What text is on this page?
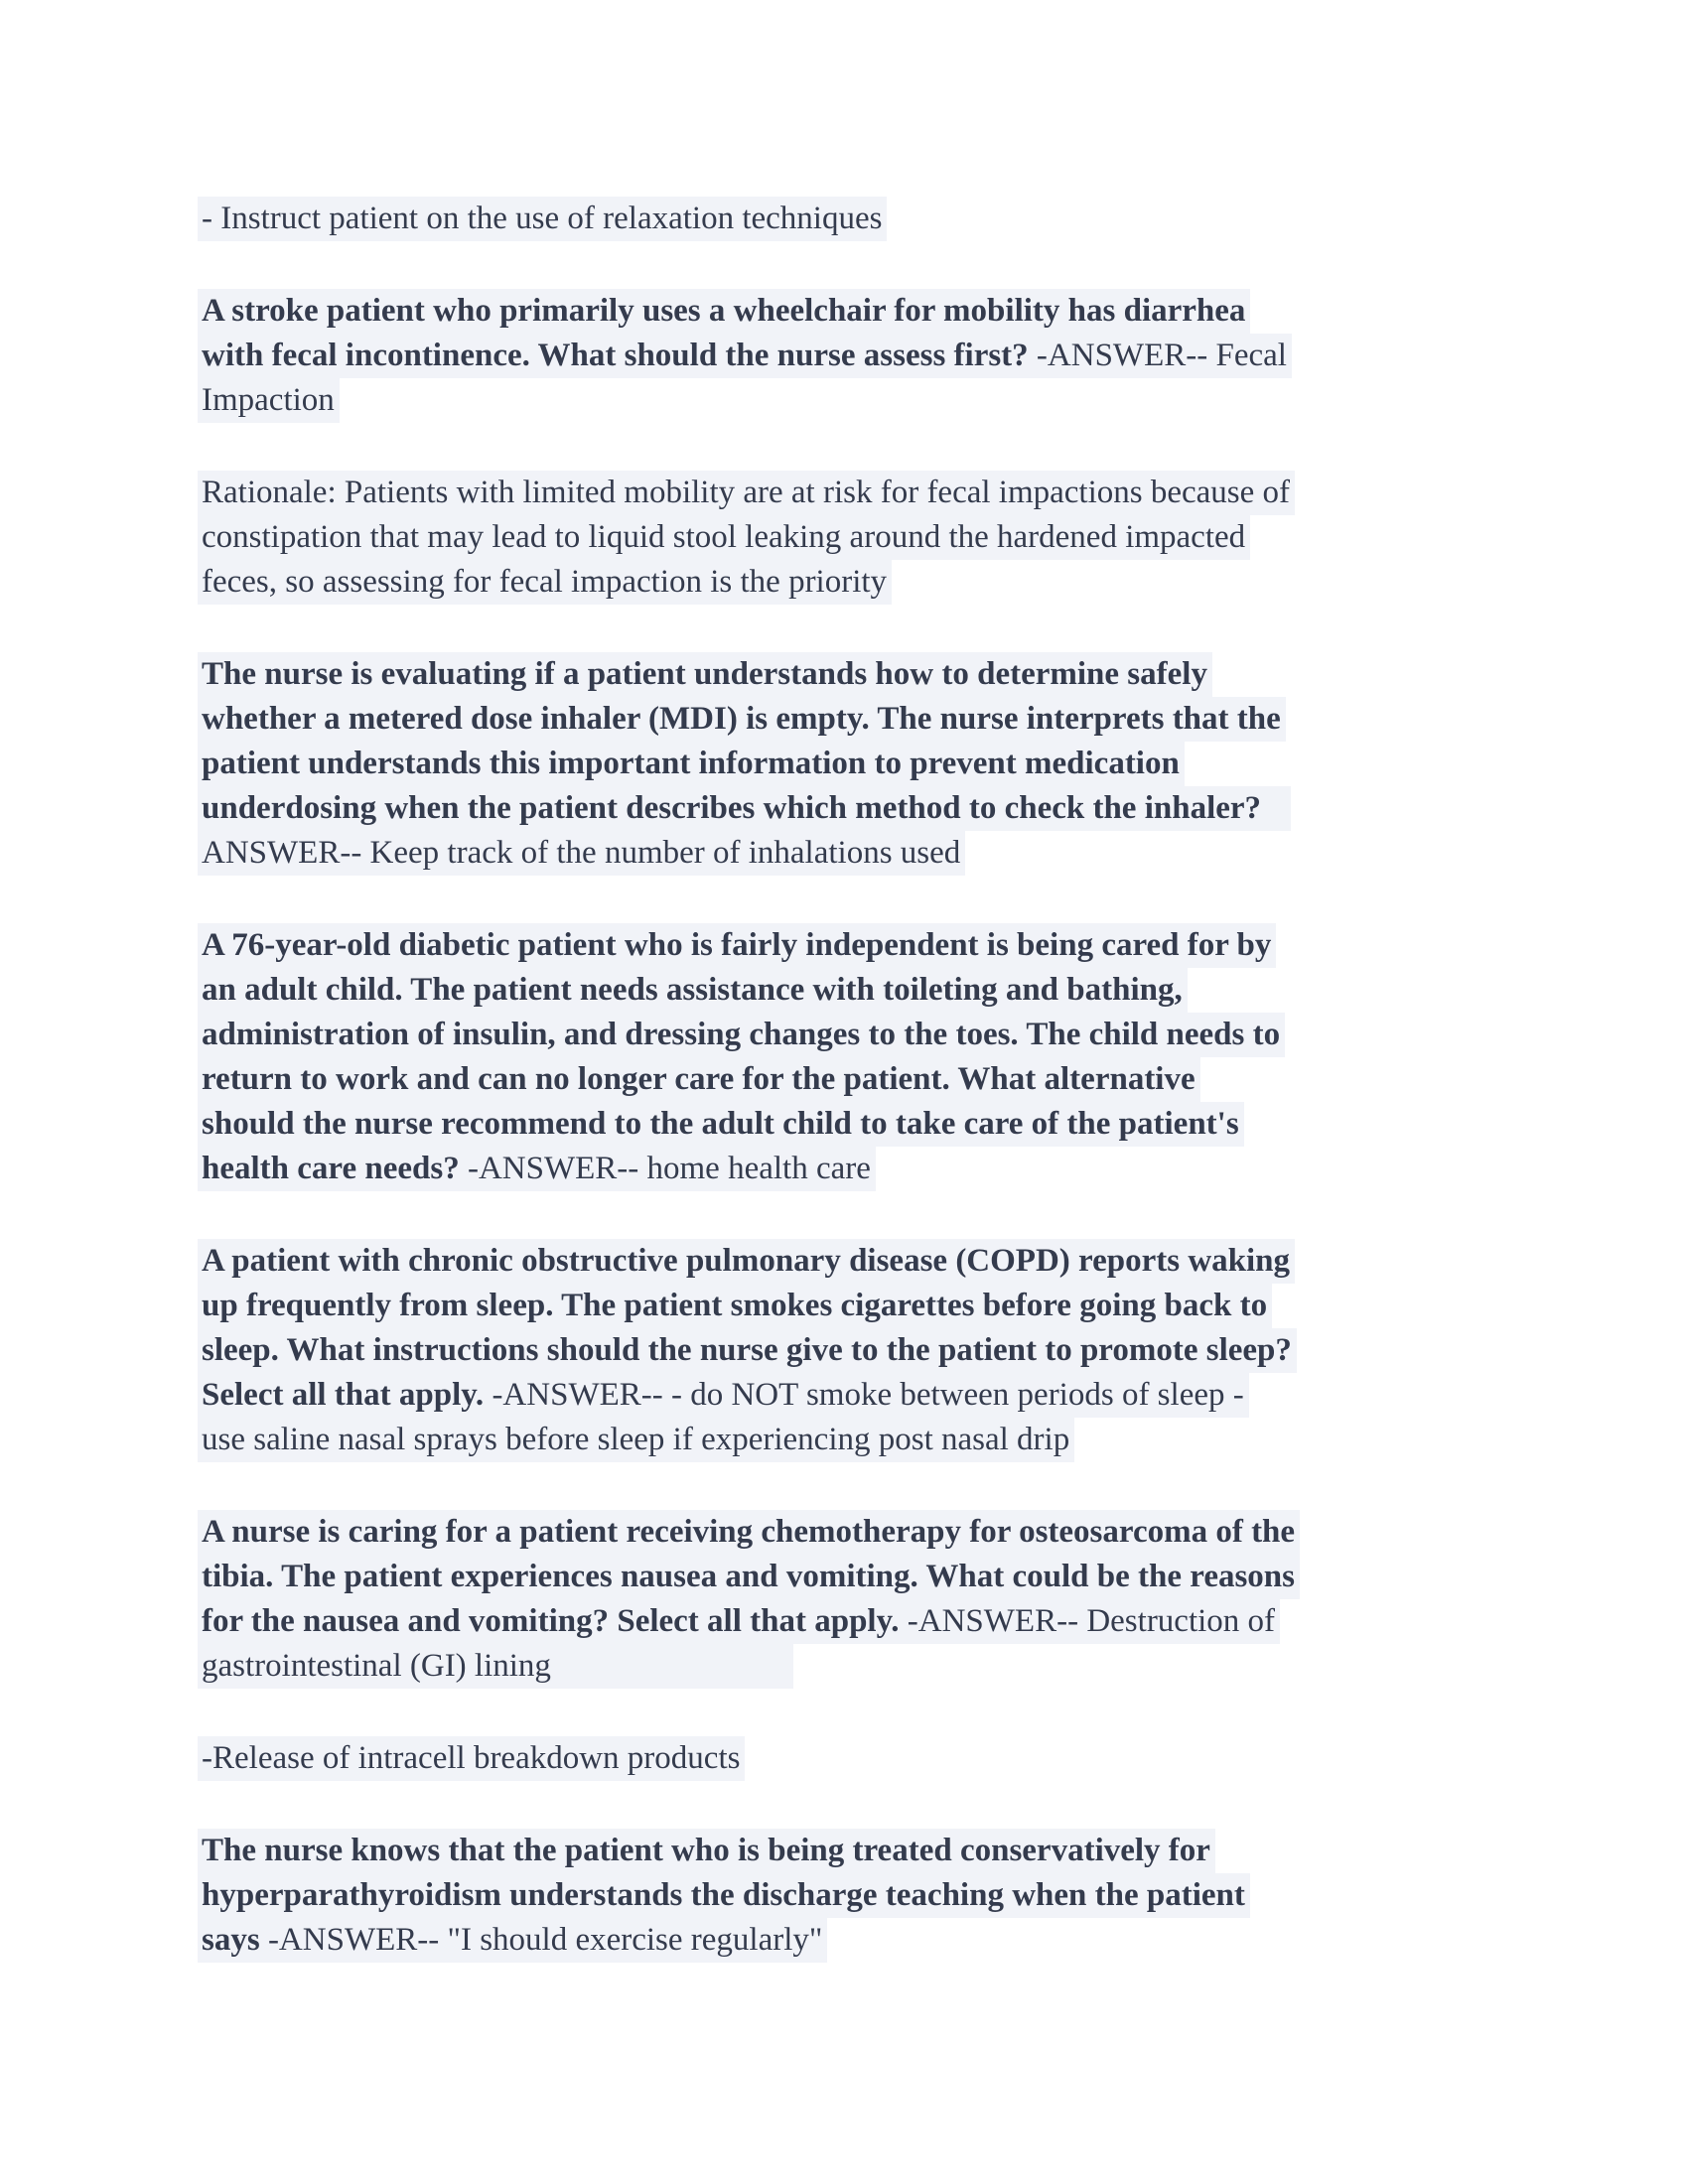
- Instruct patient on the use of relaxation techniques
A stroke patient who primarily uses a wheelchair for mobility has diarrhea
with fecal incontinence. What should the nurse assess first? -ANSWER-- Fecal
Impaction
Rationale: Patients with limited mobility are at risk for fecal impactions because of
constipation that may lead to liquid stool leaking around the hardened impacted
feces, so assessing for fecal impaction is the priority
The nurse is evaluating if a patient understands how to determine safely
whether a metered dose inhaler (MDI) is empty. The nurse interprets that the
patient understands this important information to prevent medication
underdosing when the patient describes which method to check the inhaler?
ANSWER-- Keep track of the number of inhalations used
A 76-year-old diabetic patient who is fairly independent is being cared for by
an adult child. The patient needs assistance with toileting and bathing,
administration of insulin, and dressing changes to the toes. The child needs to
return to work and can no longer care for the patient. What alternative
should the nurse recommend to the adult child to take care of the patient's
health care needs? -ANSWER-- home health care
A patient with chronic obstructive pulmonary disease (COPD) reports waking
up frequently from sleep. The patient smokes cigarettes before going back to
sleep. What instructions should the nurse give to the patient to promote sleep?
Select all that apply. -ANSWER-- - do NOT smoke between periods of sleep -
use saline nasal sprays before sleep if experiencing post nasal drip
A nurse is caring for a patient receiving chemotherapy for osteosarcoma of the
tibia. The patient experiences nausea and vomiting. What could be the reasons
for the nausea and vomiting? Select all that apply. -ANSWER-- Destruction of
gastrointestinal (GI) lining
-Release of intracell breakdown products
The nurse knows that the patient who is being treated conservatively for
hyperparathyroidism understands the discharge teaching when the patient
says -ANSWER-- "I should exercise regularly"
